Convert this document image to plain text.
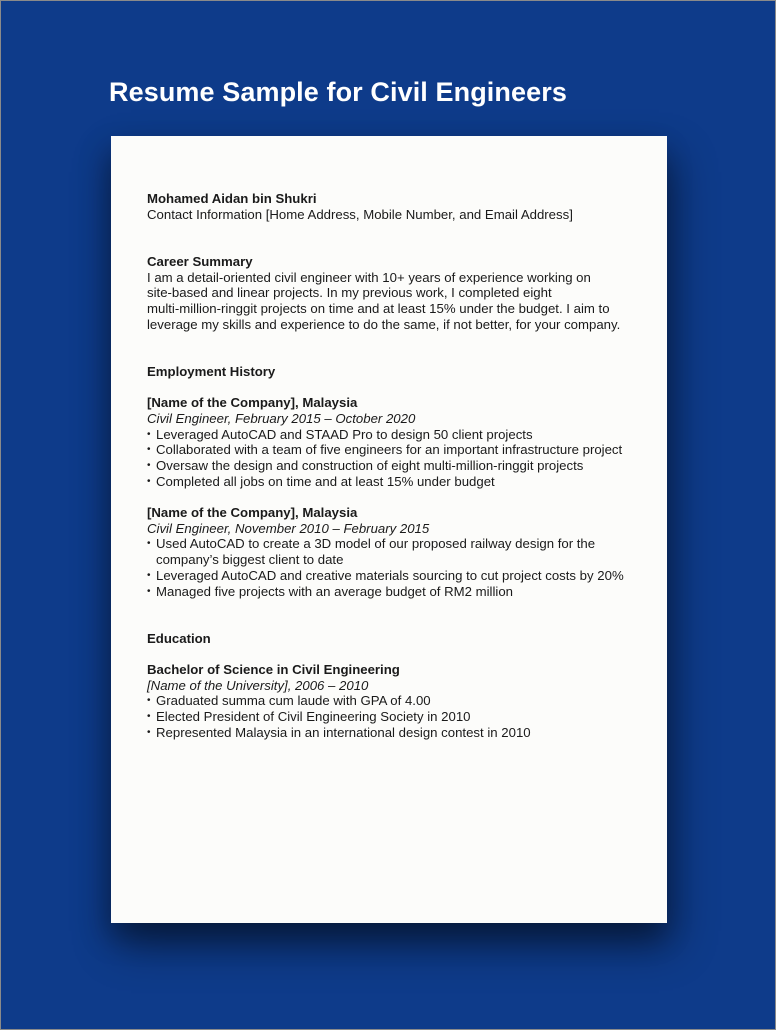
Resume Sample for Civil Engineers
Mohamed Aidan bin Shukri
Contact Information [Home Address, Mobile Number, and Email Address]
Career Summary
I am a detail-oriented civil engineer with 10+ years of experience working on
site-based and linear projects. In my previous work, I completed eight
multi-million-ringgit projects on time and at least 15% under the budget. I aim to
leverage my skills and experience to do the same, if not better, for your company.
Employment History
[Name of the Company], Malaysia
Civil Engineer, February 2015 – October 2020
• Leveraged AutoCAD and STAAD Pro to design 50 client projects
• Collaborated with a team of five engineers for an important infrastructure project
• Oversaw the design and construction of eight multi-million-ringgit projects
• Completed all jobs on time and at least 15% under budget
[Name of the Company], Malaysia
Civil Engineer, November 2010 – February 2015
• Used AutoCAD to create a 3D model of our proposed railway design for the company’s biggest client to date
• Leveraged AutoCAD and creative materials sourcing to cut project costs by 20%
• Managed five projects with an average budget of RM2 million
Education
Bachelor of Science in Civil Engineering
[Name of the University], 2006 – 2010
• Graduated summa cum laude with GPA of 4.00
• Elected President of Civil Engineering Society in 2010
• Represented Malaysia in an international design contest in 2010
